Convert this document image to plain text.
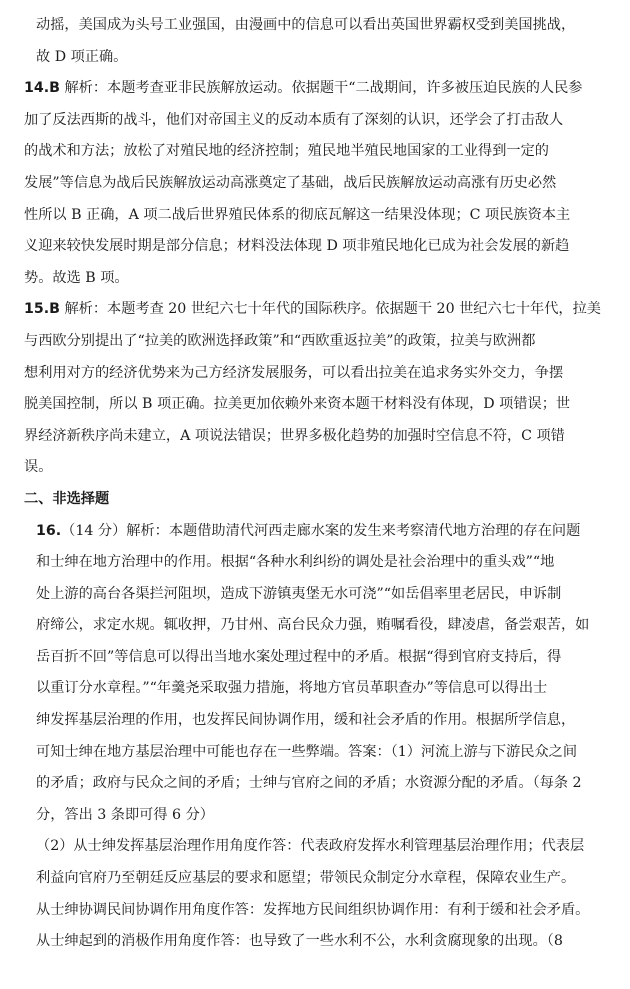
动摇，美国成为头号工业强国，由漫画中的信息可以看出英国世界霸权受到美国挑战，

故 D 项正确。

14.B 解析：本题考查亚非民族解放运动。依据题干“二战期间，许多被压迫民族的人民参

加了反法西斯的战斗，他们对帝国主义的反动本质有了深刻的认识，还学会了打击敌人

的战术和方法；放松了对殖民地的经济控制；殖民地半殖民地国家的工业得到一定的

发展”等信息为战后民族解放运动高涨奠定了基础，战后民族解放运动高涨有历史必然

性所以 B 正确，A 项二战后世界殖民体系的彻底瓦解这一结果没体现；C 项民族资本主

义迎来较快发展时期是部分信息；材料没法体现 D 项非殖民地化已成为社会发展的新趋

势。故选 B 项。

15.B 解析：本题考查 20 世纪六七十年代的国际秩序。依据题干 20 世纪六七十年代，拉美

与西欧分别提出了“拉美的欧洲选择政策”和“西欧重返拉美”的政策，拉美与欧洲都

想利用对方的经济优势来为己方经济发展服务，可以看出拉美在追求务实外交力，争摆

脱美国控制，所以 B 项正确。拉美更加依赖外来资本题干材料没有体现，D 项错误；世

界经济新秩序尚未建立，A 项说法错误；世界多极化趋势的加强时空信息不符，C 项错

误。

二、非选择题

16.（14 分）解析：本题借助清代河西走廊水案的发生来考察清代地方治理的存在问题

和士绅在地方治理中的作用。根据“各种水利纠纷的调处是社会治理中的重头戏”“地

处上游的高台各渠拦河阻坝，造成下游镇夷堡无水可浇”“如岳倡率里老居民，申诉制

府缔公，求定水规。辄收押，乃甘州、高台民众力强，贿嘱看役，肆凌虐，备尝艰苦，如

岳百折不回”等信息可以得出当地水案处理过程中的矛盾。根据“得到官府支持后，得

以重订分水章程。”“年羹尧采取强力措施，将地方官员革职查办”等信息可以得出士

绅发挥基层治理的作用，也发挥民间协调作用，缓和社会矛盾的作用。根据所学信息，

可知士绅在地方基层治理中可能也存在一些弊端。答案：（1）河流上游与下游民众之间

的矛盾；政府与民众之间的矛盾；士绅与官府之间的矛盾；水资源分配的矛盾。（每条 2

分，答出 3 条即可得 6 分）

（2）从士绅发挥基层治理作用角度作答：代表政府发挥水利管理基层治理作用；代表层

利益向官府乃至朝廷反应基层的要求和愿望；带领民众制定分水章程，保障农业生产。

从士绅协调民间协调作用角度作答：发挥地方民间组织协调作用：有利于缓和社会矛盾。

从士绅起到的消极作用角度作答：也导致了一些水利不公，水利贪腐现象的出现。（8
